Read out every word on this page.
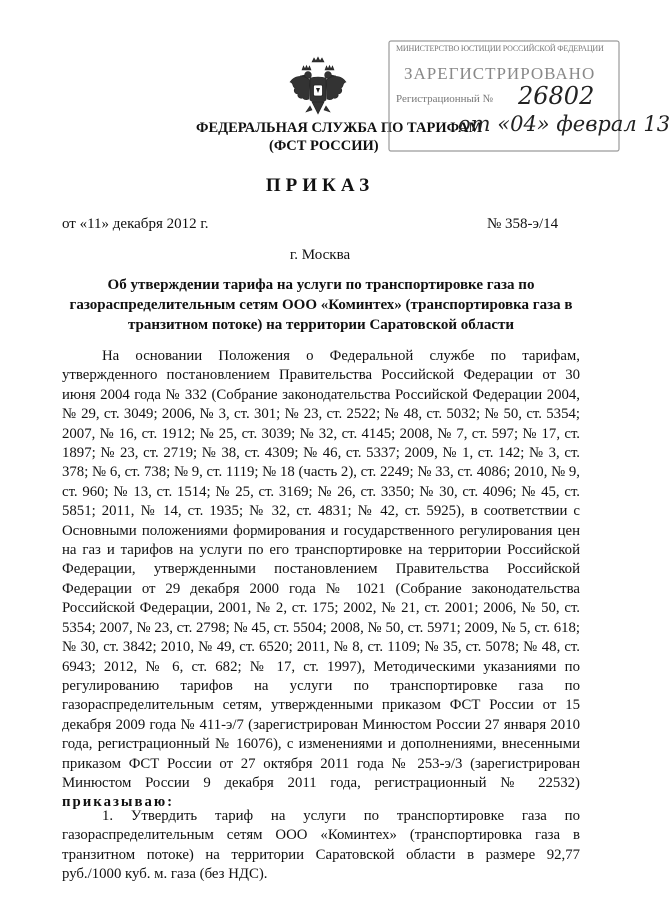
ФЕДЕРАЛЬНАЯ СЛУЖБА ПО ТАРИФАМ
(ФСТ РОССИИ)
МИНИСТЕРСТВО ЮСТИЦИИ РОССИЙСКОЙ ФЕДЕРАЦИИ
ЗАРЕГИСТРИРОВАНО
Регистрационный № 26802
от «04» феврал 13
ПРИКАЗ
от «11» декабря 2012 г.	№ 358-э/14
г. Москва
Об утверждении тарифа на услуги по транспортировке газа по газораспределительным сетям ООО «Коминтех» (транспортировка газа в транзитном потоке) на территории Саратовской области
На основании Положения о Федеральной службе по тарифам, утвержденного постановлением Правительства Российской Федерации от 30 июня 2004 года № 332 (Собрание законодательства Российской Федерации 2004, № 29, ст. 3049; 2006, № 3, ст. 301; № 23, ст. 2522; № 48, ст. 5032; № 50, ст. 5354; 2007, № 16, ст. 1912; № 25, ст. 3039; № 32, ст. 4145; 2008, № 7, ст. 597; № 17, ст. 1897; № 23, ст. 2719; № 38, ст. 4309; № 46, ст. 5337; 2009, № 1, ст. 142; № 3, ст. 378; № 6, ст. 738; № 9, ст. 1119; № 18 (часть 2), ст. 2249; № 33, ст. 4086; 2010, № 9, ст. 960; № 13, ст. 1514; № 25, ст. 3169; № 26, ст. 3350; № 30, ст. 4096; № 45, ст. 5851; 2011, № 14, ст. 1935; № 32, ст. 4831; № 42, ст. 5925), в соответствии с Основными положениями формирования и государственного регулирования цен на газ и тарифов на услуги по его транспортировке на территории Российской Федерации, утвержденными постановлением Правительства Российской Федерации от 29 декабря 2000 года № 1021 (Собрание законодательства Российской Федерации, 2001, № 2, ст. 175; 2002, № 21, ст. 2001; 2006, № 50, ст. 5354; 2007, № 23, ст. 2798; № 45, ст. 5504; 2008, № 50, ст. 5971; 2009, № 5, ст. 618; № 30, ст. 3842; 2010, № 49, ст. 6520; 2011, № 8, ст. 1109; № 35, ст. 5078; № 48, ст. 6943; 2012, № 6, ст. 682; № 17, ст. 1997), Методическими указаниями по регулированию тарифов на услуги по транспортировке газа по газораспределительным сетям, утвержденными приказом ФСТ России от 15 декабря 2009 года № 411-э/7 (зарегистрирован Минюстом России 27 января 2010 года, регистрационный № 16076), с изменениями и дополнениями, внесенными приказом ФСТ России от 27 октября 2011 года № 253-э/3 (зарегистрирован Минюстом России 9 декабря 2011 года, регистрационный № 22532) приказываю:
1. Утвердить тариф на услуги по транспортировке газа по газораспределительным сетям ООО «Коминтех» (транспортировка газа в транзитном потоке) на территории Саратовской области в размере 92,77 руб./1000 куб. м. газа (без НДС).
